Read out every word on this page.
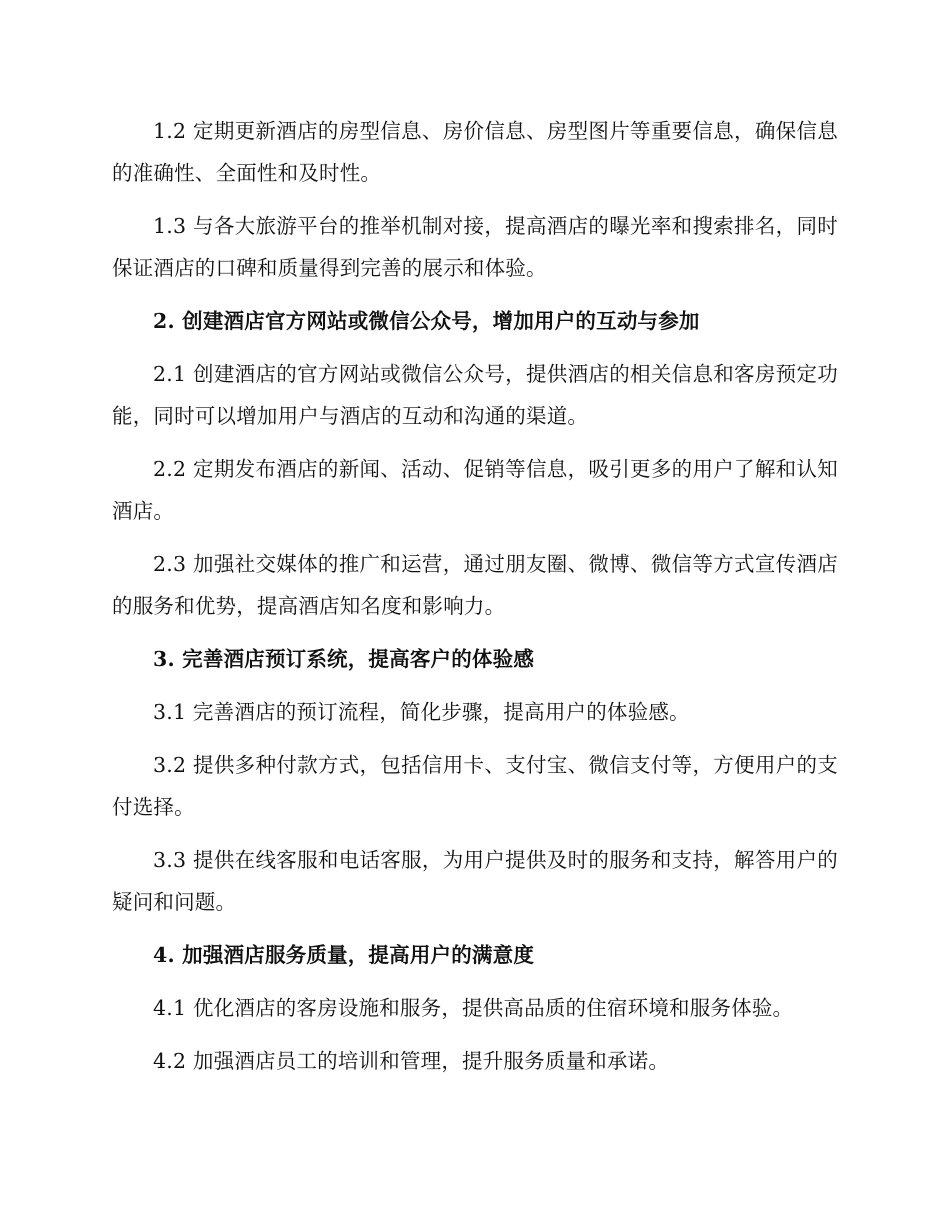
1.2 定期更新酒店的房型信息、房价信息、房型图片等重要信息，确保信息的准确性、全面性和及时性。

1.3 与各大旅游平台的推举机制对接，提高酒店的曝光率和搜索排名，同时保证酒店的口碑和质量得到完善的展示和体验。

2. 创建酒店官方网站或微信公众号，增加用户的互动与参加

2.1 创建酒店的官方网站或微信公众号，提供酒店的相关信息和客房预定功能，同时可以增加用户与酒店的互动和沟通的渠道。

2.2 定期发布酒店的新闻、活动、促销等信息，吸引更多的用户了解和认知酒店。

2.3 加强社交媒体的推广和运营，通过朋友圈、微博、微信等方式宣传酒店的服务和优势，提高酒店知名度和影响力。

3. 完善酒店预订系统，提高客户的体验感

3.1 完善酒店的预订流程，简化步骤，提高用户的体验感。

3.2 提供多种付款方式，包括信用卡、支付宝、微信支付等，方便用户的支付选择。

3.3 提供在线客服和电话客服，为用户提供及时的服务和支持，解答用户的疑问和问题。

4. 加强酒店服务质量，提高用户的满意度

4.1 优化酒店的客房设施和服务，提供高品质的住宿环境和服务体验。

4.2 加强酒店员工的培训和管理，提升服务质量和承诺。
